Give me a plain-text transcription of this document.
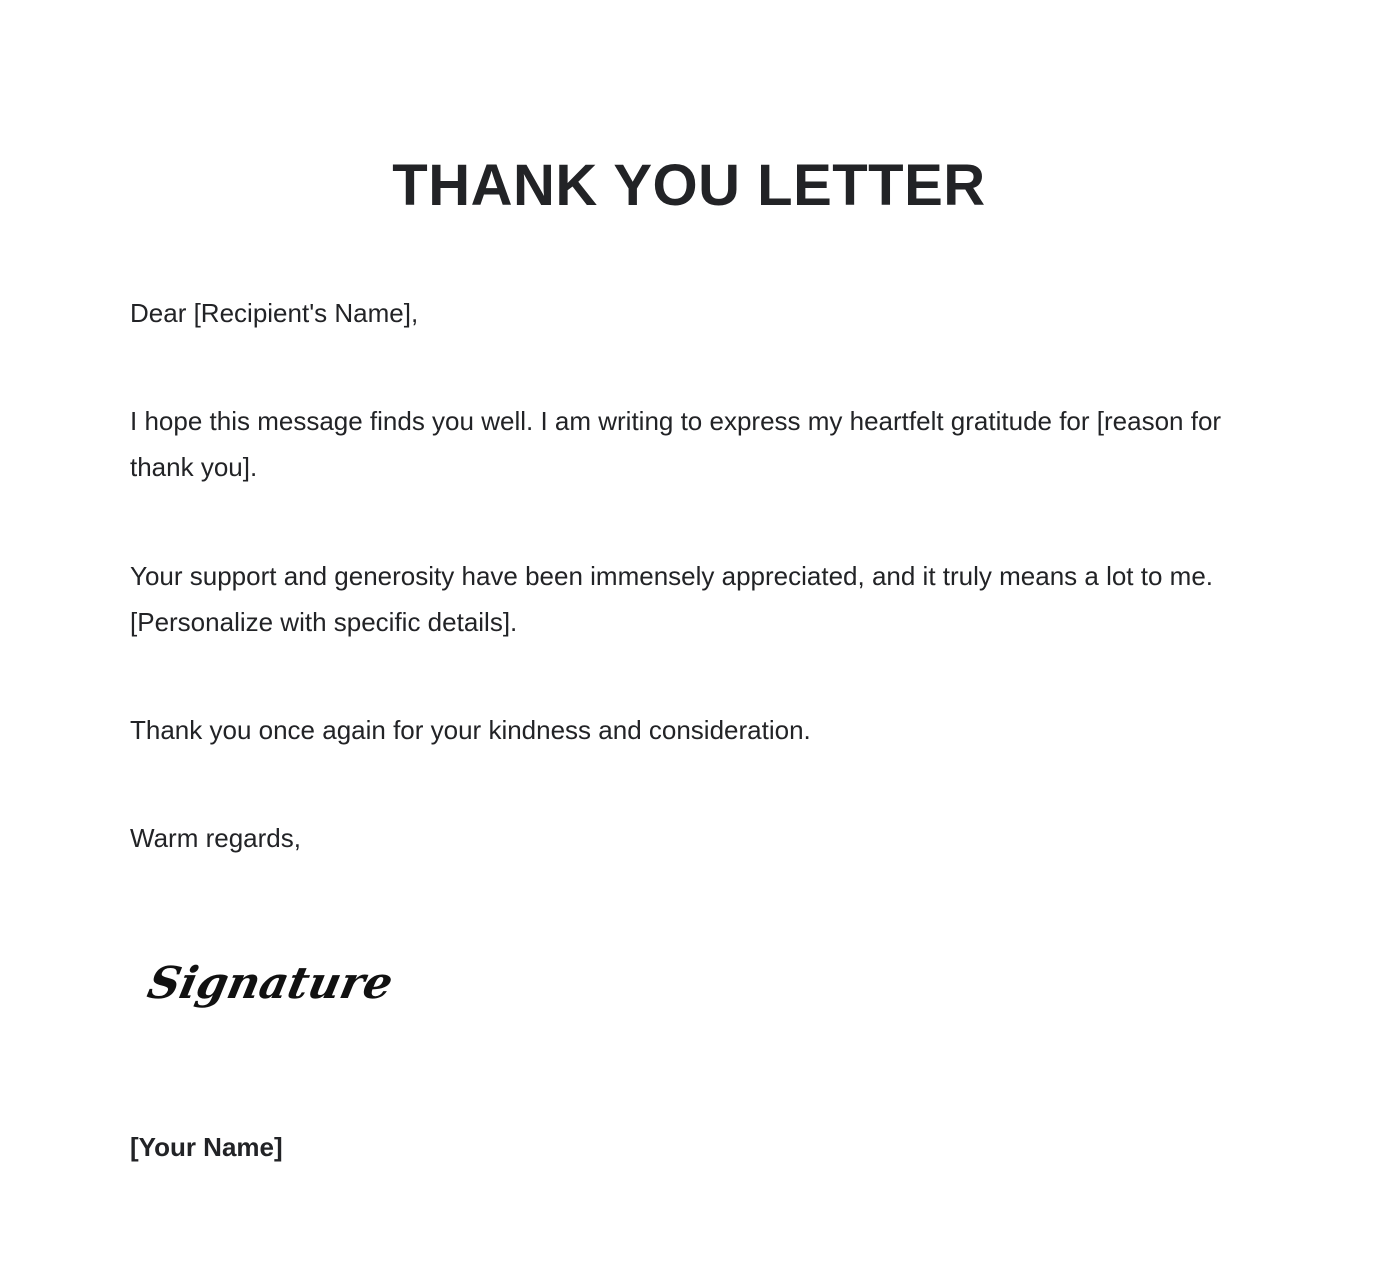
THANK YOU LETTER

Dear [Recipient's Name],

I hope this message finds you well. I am writing to express my heartfelt gratitude for [reason for thank you].

Your support and generosity have been immensely appreciated, and it truly means a lot to me. [Personalize with specific details].

Thank you once again for your kindness and consideration.

Warm regards,

Signature

[Your Name]
